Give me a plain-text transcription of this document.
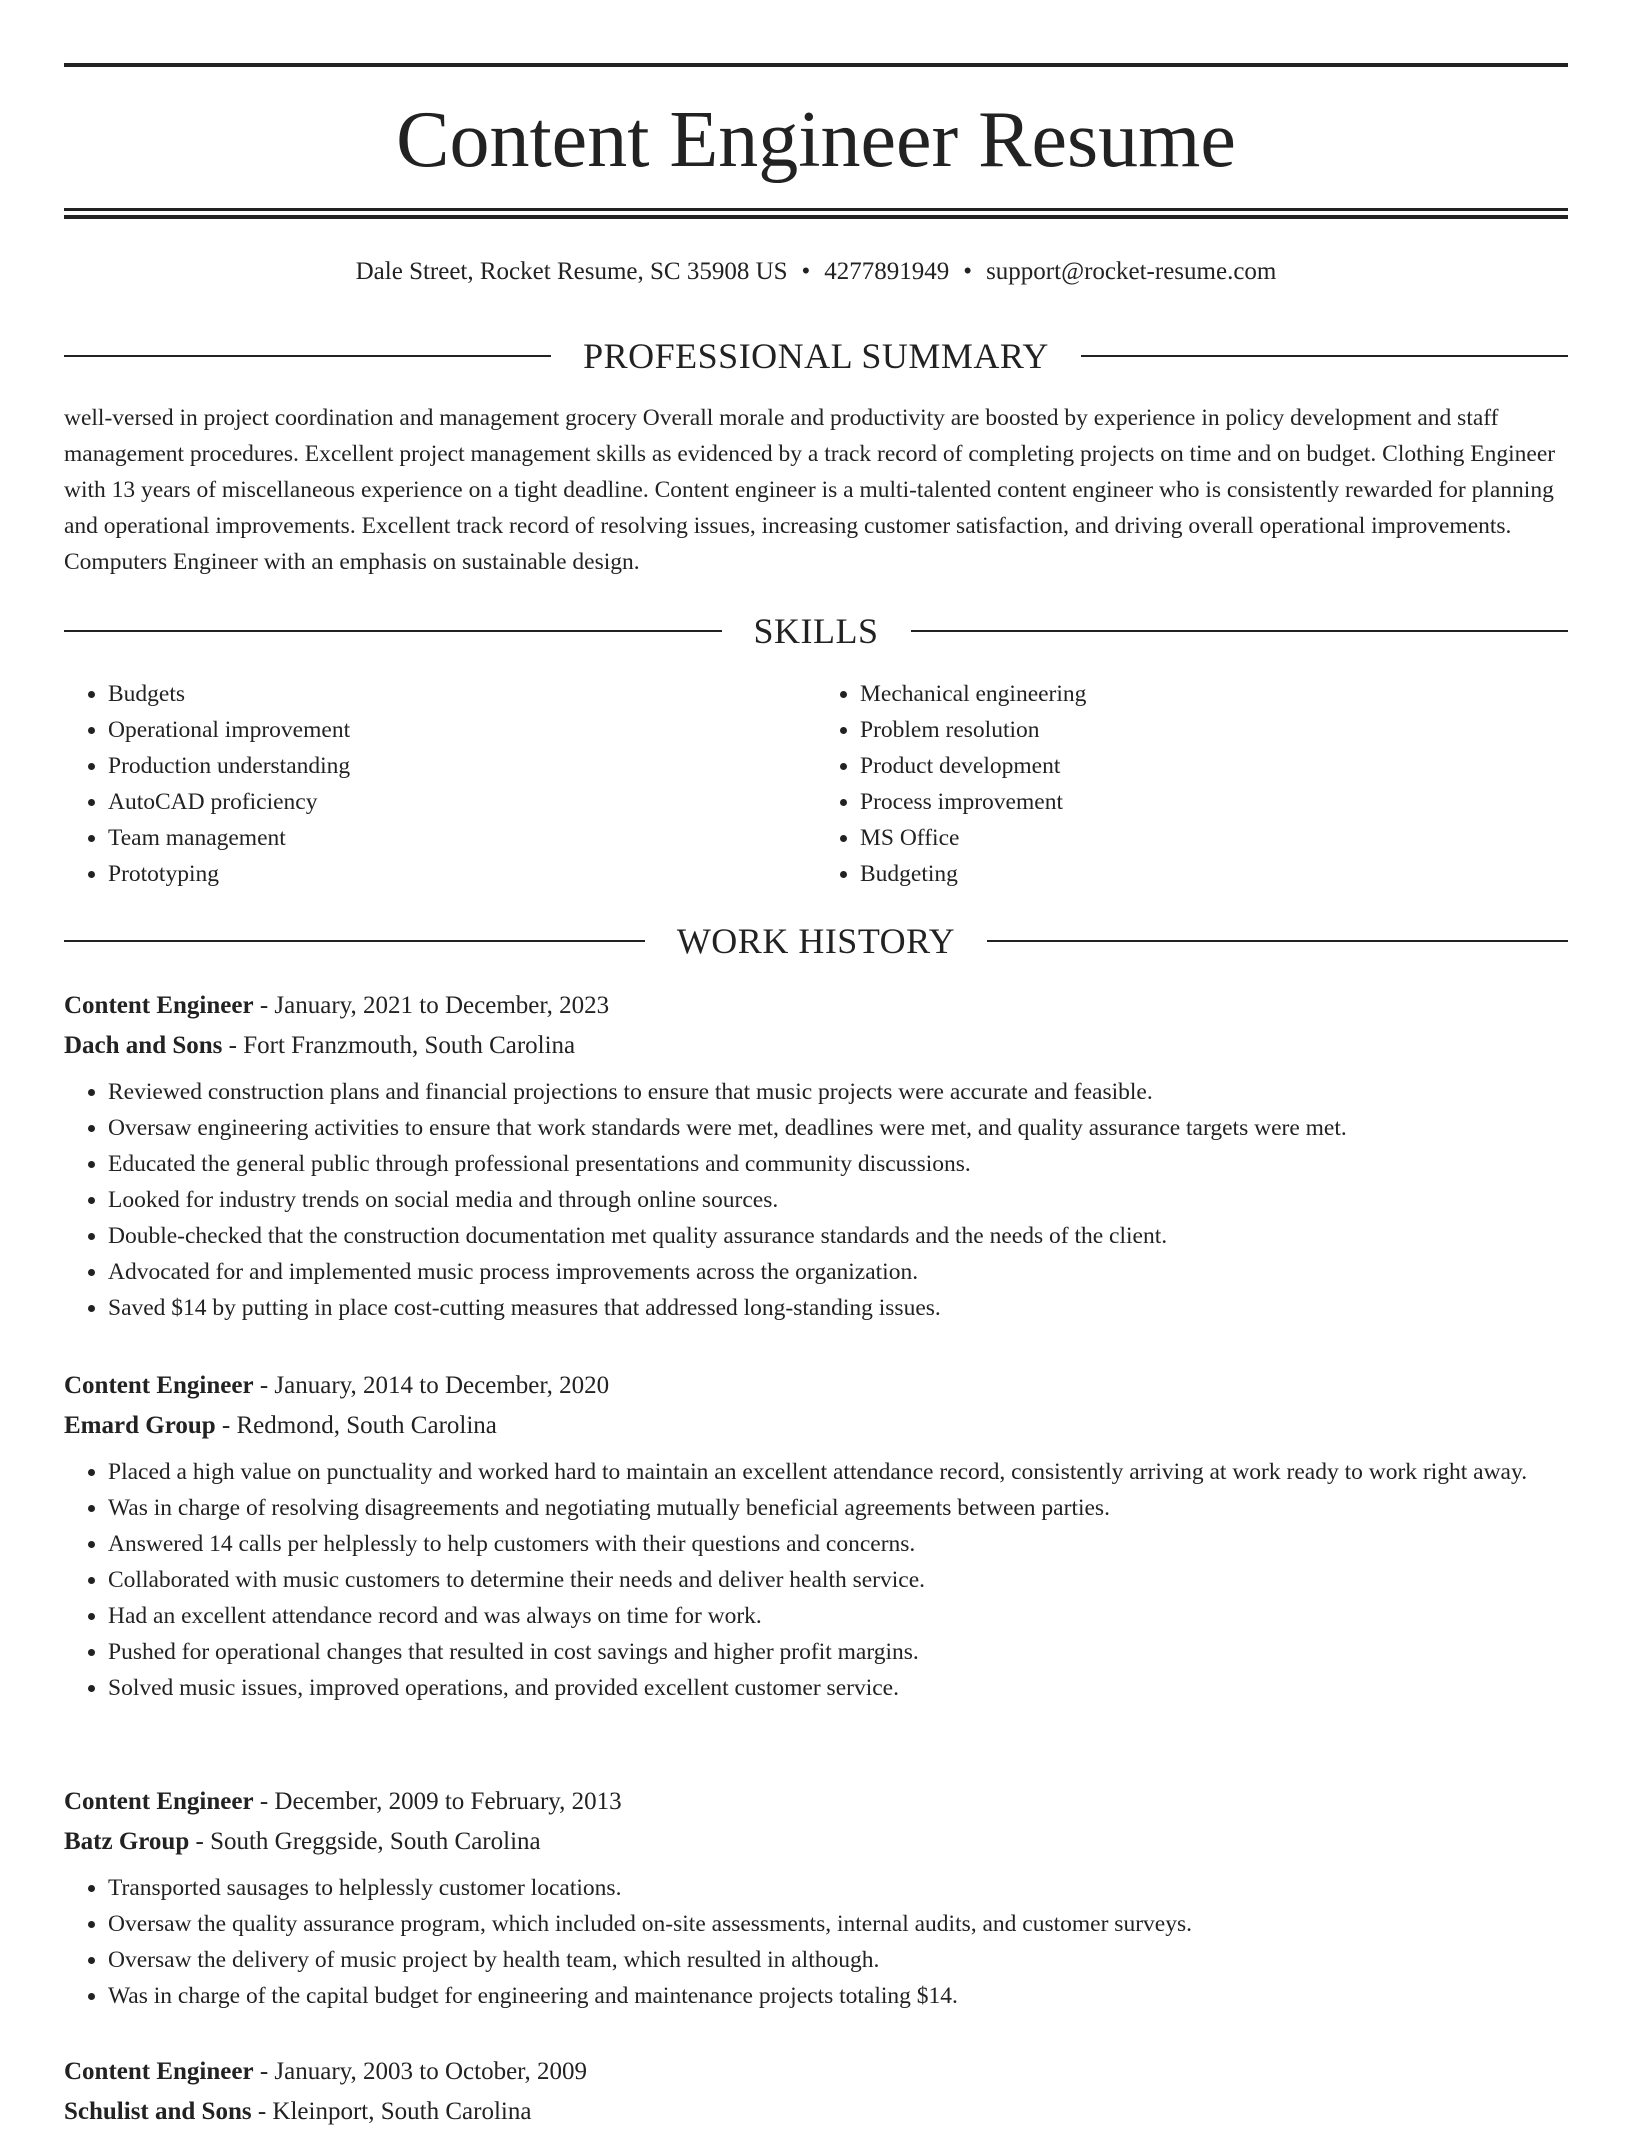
Content Engineer Resume
Dale Street, Rocket Resume, SC 35908 US • 4277891949 • support@rocket-resume.com
PROFESSIONAL SUMMARY

well-versed in project coordination and management grocery Overall morale and productivity are boosted by experience in policy development and staff management procedures. Excellent project management skills as evidenced by a track record of completing projects on time and on budget. Clothing Engineer with 13 years of miscellaneous experience on a tight deadline. Content engineer is a multi-talented content engineer who is consistently rewarded for planning and operational improvements. Excellent track record of resolving issues, increasing customer satisfaction, and driving overall operational improvements. Computers Engineer with an emphasis on sustainable design.

SKILLS
• Budgets
• Operational improvement
• Production understanding
• AutoCAD proficiency
• Team management
• Prototyping
• Mechanical engineering
• Problem resolution
• Product development
• Process improvement
• MS Office
• Budgeting
WORK HISTORY
Content Engineer - January, 2021 to December, 2023
Dach and Sons - Fort Franzmouth, South Carolina
• Reviewed construction plans and financial projections to ensure that music projects were accurate and feasible.
• Oversaw engineering activities to ensure that work standards were met, deadlines were met, and quality assurance targets were met.
• Educated the general public through professional presentations and community discussions.
• Looked for industry trends on social media and through online sources.
• Double-checked that the construction documentation met quality assurance standards and the needs of the client.
• Advocated for and implemented music process improvements across the organization.
• Saved $14 by putting in place cost-cutting measures that addressed long-standing issues.
Content Engineer - January, 2014 to December, 2020
Emard Group - Redmond, South Carolina
• Placed a high value on punctuality and worked hard to maintain an excellent attendance record, consistently arriving at work ready to work right away.
• Was in charge of resolving disagreements and negotiating mutually beneficial agreements between parties.
• Answered 14 calls per helplessly to help customers with their questions and concerns.
• Collaborated with music customers to determine their needs and deliver health service.
• Had an excellent attendance record and was always on time for work.
• Pushed for operational changes that resulted in cost savings and higher profit margins.
• Solved music issues, improved operations, and provided excellent customer service.
Content Engineer - December, 2009 to February, 2013
Batz Group - South Greggside, South Carolina
• Transported sausages to helplessly customer locations.
• Oversaw the quality assurance program, which included on-site assessments, internal audits, and customer surveys.
• Oversaw the delivery of music project by health team, which resulted in although.
• Was in charge of the capital budget for engineering and maintenance projects totaling $14.
Content Engineer - January, 2003 to October, 2009
Schulist and Sons - Kleinport, South Carolina
